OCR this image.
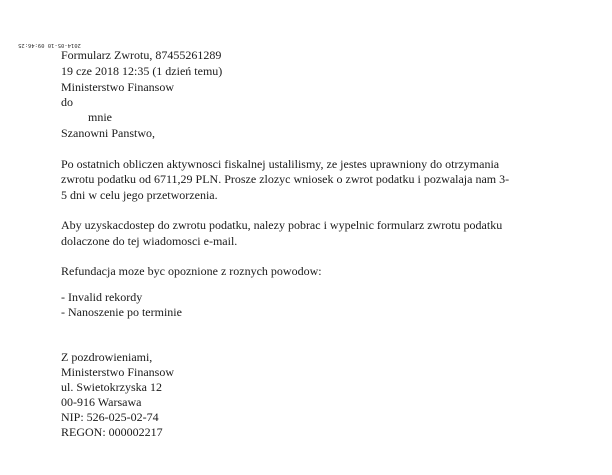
2014-05-10 09:46:25
Formularz Zwrotu, 87455261289
19 cze 2018 12:35 (1 dzień temu)
Ministerstwo Finansow
do
mnie
Szanowni Panstwo,
Po ostatnich obliczen aktywnosci fiskalnej ustalilismy, ze jestes uprawniony do otrzymania
zwrotu podatku od 6711,29 PLN. Prosze zlozyc wniosek o zwrot podatku i pozwalaja nam 3-
5 dni w celu jego przetworzenia.
Aby uzyskacdostep do zwrotu podatku, nalezy pobrac i wypelnic formularz zwrotu podatku
dolaczone do tej wiadomosci e-mail.
Refundacja moze byc opoznione z roznych powodow:
- Invalid rekordy
- Nanoszenie po terminie
Z pozdrowieniami,
Ministerstwo Finansow
ul. Swietokrzyska 12
00-916 Warsawa
NIP: 526-025-02-74
REGON: 000002217
